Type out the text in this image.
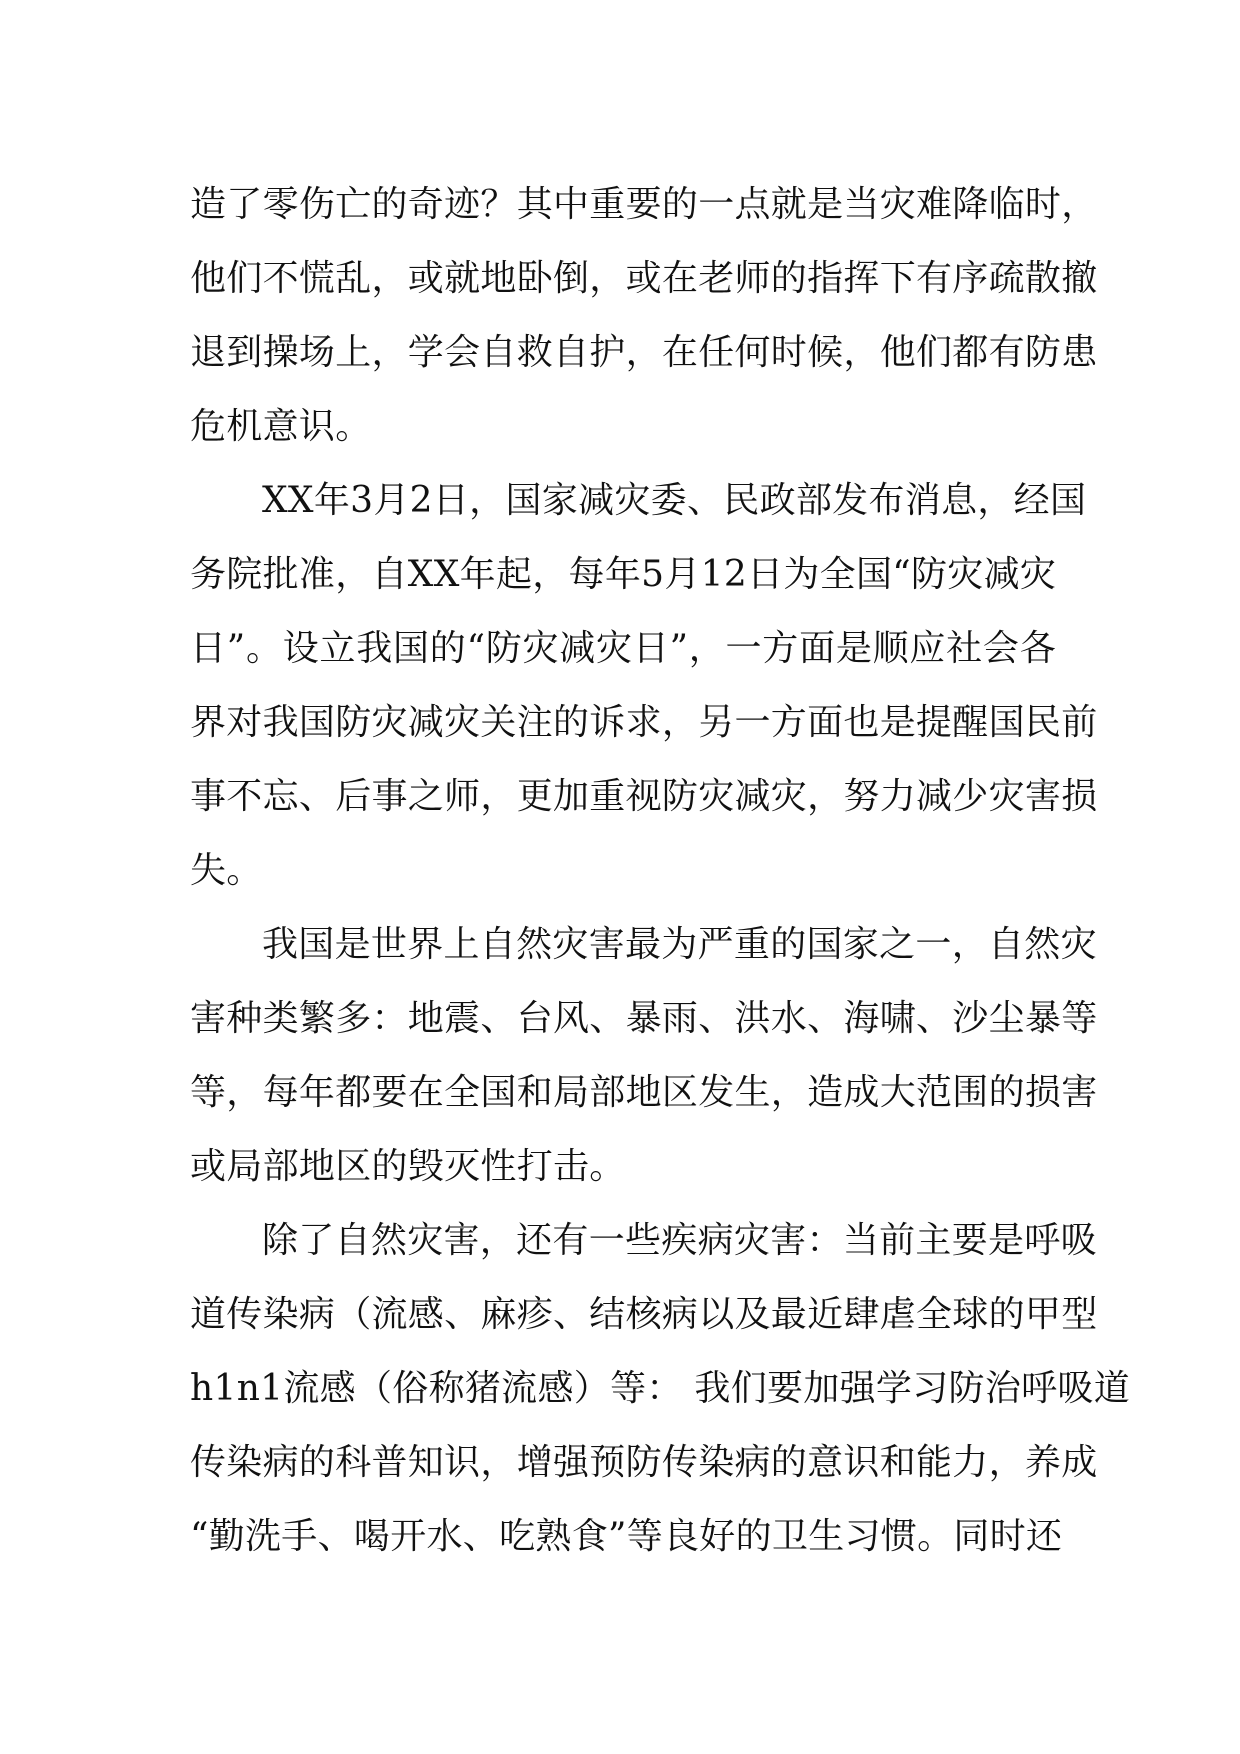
造了零伤亡的奇迹？其中重要的一点就是当灾难降临时，
他们不慌乱，或就地卧倒，或在老师的指挥下有序疏散撤
退到操场上，学会自救自护，在任何时候，他们都有防患
危机意识。
XX年3月2日，国家减灾委、民政部发布消息，经国
务院批准，自XX年起，每年5月12日为全国“防灾减灾
日”。设立我国的“防灾减灾日”，一方面是顺应社会各
界对我国防灾减灾关注的诉求，另一方面也是提醒国民前
事不忘、后事之师，更加重视防灾减灾，努力减少灾害损
失。
我国是世界上自然灾害最为严重的国家之一，自然灾
害种类繁多：地震、台风、暴雨、洪水、海啸、沙尘暴等
等，每年都要在全国和局部地区发生，造成大范围的损害
或局部地区的毁灭性打击。
除了自然灾害，还有一些疾病灾害：当前主要是呼吸
道传染病（流感、麻疹、结核病以及最近肆虐全球的甲型
h1n1流感（俗称猪流感）等： 我们要加强学习防治呼吸道
传染病的科普知识，增强预防传染病的意识和能力，养成
“勤洗手、喝开水、吃熟食”等良好的卫生习惯。同时还
